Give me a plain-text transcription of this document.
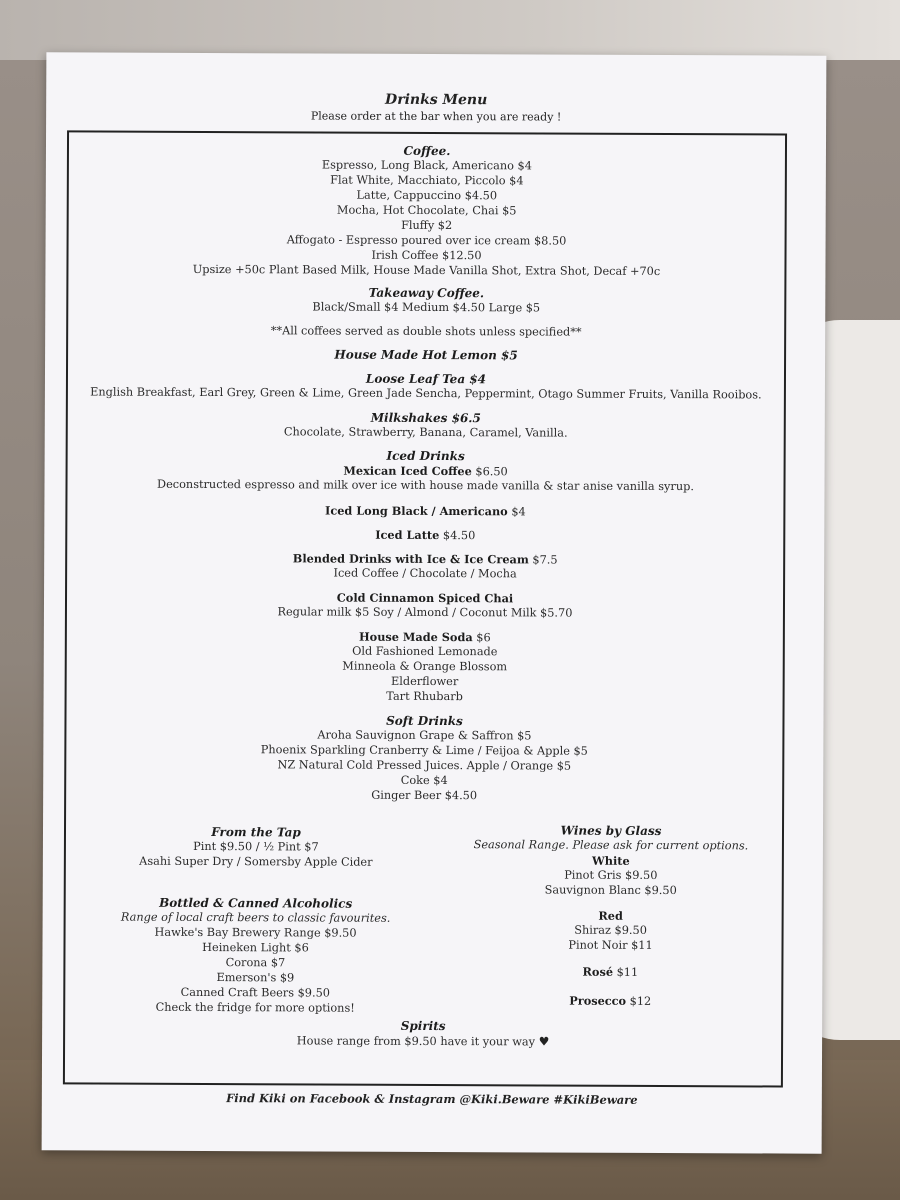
Drinks Menu
Please order at the bar when you are ready !
Coffee.
Espresso, Long Black, Americano $4
Flat White, Macchiato, Piccolo $4
Latte, Cappuccino $4.50
Mocha, Hot Chocolate, Chai $5
Fluffy $2
Affogato - Espresso poured over ice cream $8.50
Irish Coffee $12.50
Upsize +50c Plant Based Milk, House Made Vanilla Shot, Extra Shot, Decaf +70c
Takeaway Coffee.
Black/Small $4 Medium $4.50 Large $5
**All coffees served as double shots unless specified**
House Made Hot Lemon $5
Loose Leaf Tea $4
English Breakfast, Earl Grey, Green & Lime, Green Jade Sencha, Peppermint, Otago Summer Fruits, Vanilla Rooibos.
Milkshakes $6.5
Chocolate, Strawberry, Banana, Caramel, Vanilla.
Iced Drinks
Mexican Iced Coffee $6.50
Deconstructed espresso and milk over ice with house made vanilla & star anise vanilla syrup.
Iced Long Black / Americano $4
Iced Latte $4.50
Blended Drinks with Ice & Ice Cream $7.5
Iced Coffee / Chocolate / Mocha
Cold Cinnamon Spiced Chai
Regular milk $5 Soy / Almond / Coconut Milk $5.70
House Made Soda $6
Old Fashioned Lemonade
Minneola & Orange Blossom
Elderflower
Tart Rhubarb
Soft Drinks
Aroha Sauvignon Grape & Saffron $5
Phoenix Sparkling Cranberry & Lime / Feijoa & Apple $5
NZ Natural Cold Pressed Juices. Apple / Orange $5
Coke $4
Ginger Beer $4.50
From the Tap
Pint $9.50 / ½ Pint $7
Asahi Super Dry / Somersby Apple Cider
Bottled & Canned Alcoholics
Range of local craft beers to classic favourites.
Hawke's Bay Brewery Range $9.50
Heineken Light $6
Corona $7
Emerson's $9
Canned Craft Beers $9.50
Check the fridge for more options!
Wines by Glass
Seasonal Range. Please ask for current options.
White
Pinot Gris $9.50
Sauvignon Blanc $9.50
Red
Shiraz $9.50
Pinot Noir $11
Rosé $11
Prosecco $12
Spirits
House range from $9.50 have it your way ♥
Find Kiki on Facebook & Instagram @Kiki.Beware #KikiBeware
